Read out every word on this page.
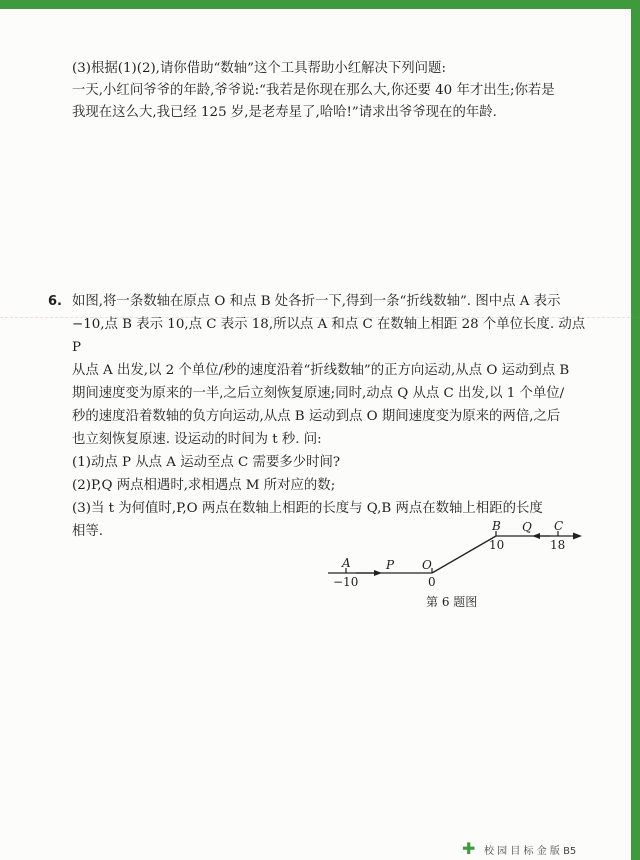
(3)根据(1)(2),请你借助“数轴”这个工具帮助小红解决下列问题:

一天,小红问爷爷的年龄,爷爷说:“我若是你现在那么大,你还要 40 年才出生;你若是

我现在这么大,我已经 125 岁,是老寿星了,哈哈!”请求出爷爷现在的年龄.

6. 如图,将一条数轴在原点 O 和点 B 处各折一下,得到一条“折线数轴”. 图中点 A 表示

−10,点 B 表示 10,点 C 表示 18,所以点 A 和点 C 在数轴上相距 28 个单位长度. 动点 P

从点 A 出发,以 2 个单位/秒的速度沿着“折线数轴”的正方向运动,从点 O 运动到点 B

期间速度变为原来的一半,之后立刻恢复原速;同时,动点 Q 从点 C 出发,以 1 个单位/

秒的速度沿着数轴的负方向运动,从点 B 运动到点 O 期间速度变为原来的两倍,之后

也立刻恢复原速. 设运动的时间为 t 秒. 问:

(1)动点 P 从点 A 运动至点 C 需要多少时间?

(2)P,Q 两点相遇时,求相遇点 M 所对应的数;

(3)当 t 为何值时,P,O 两点在数轴上相距的长度与 Q,B 两点在数轴上相距的长度

相等.

A
−10
P O
0
B
10
Q C
18
第 6 题图
✚ 校 园 目 标 金 版 B5
